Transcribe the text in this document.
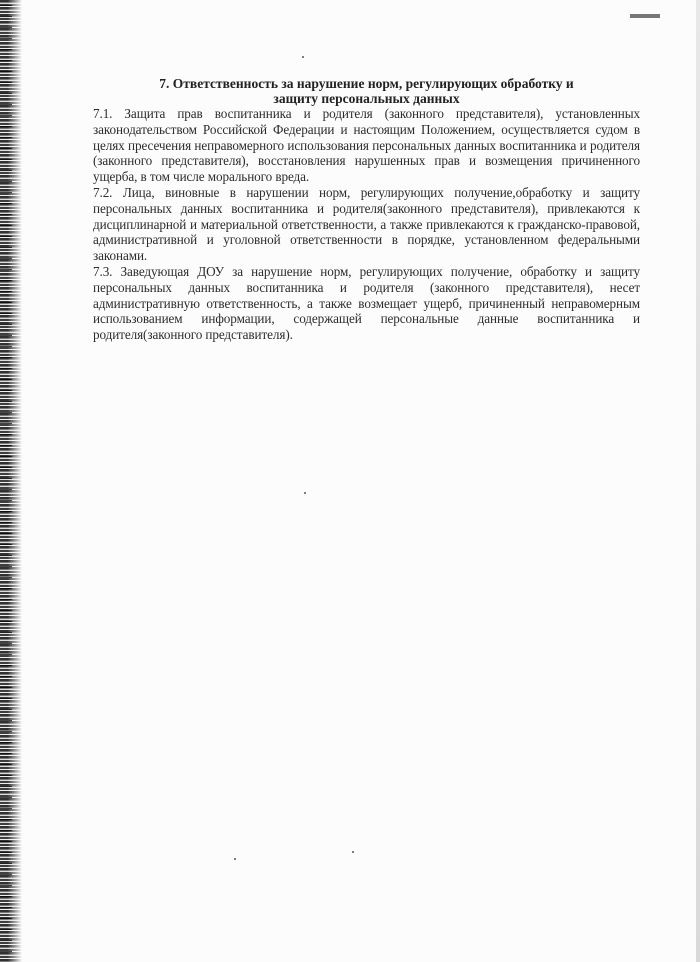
7. Ответственность за нарушение норм, регулирующих обработку и

защиту персональных данных

7.1. Защита прав воспитанника и родителя (законного представителя), установленных законодательством Российской Федерации и настоящим Положением, осуществляется судом в целях пресечения неправомерного использования персональных данных воспитанника и родителя (законного представителя), восстановления нарушенных прав и возмещения причиненного ущерба, в том числе морального вреда.

7.2. Лица, виновные в нарушении норм, регулирующих получение,обработку и защиту персональных данных воспитанника и родителя(законного представителя), привлекаются к дисциплинарной и материальной ответственности, а также привлекаются к гражданско-правовой, административной и уголовной ответственности в порядке, установленном федеральными законами.

7.3. Заведующая ДОУ за нарушение норм, регулирующих получение, обработку и защиту персональных данных воспитанника и родителя (законного представителя), несет административную ответственность, а также возмещает ущерб, причиненный неправомерным использованием информации, содержащей персональные данные воспитанника и родителя(законного представителя).
